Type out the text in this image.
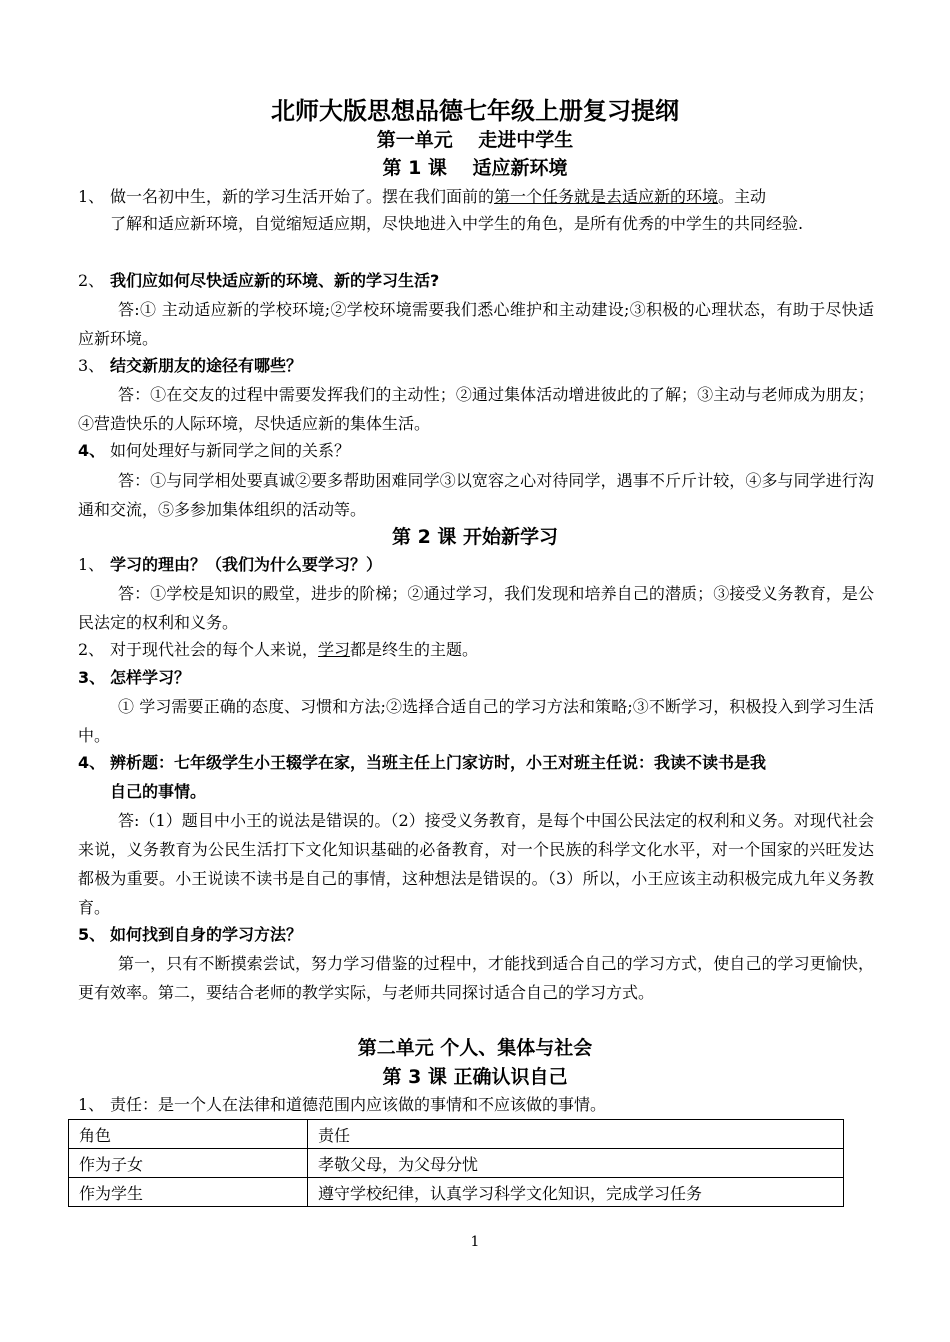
北师大版思想品德七年级上册复习提纲
第一单元　 走进中学生
第 1 课　 适应新环境
1、 做一名初中生，新的学习生活开始了。摆在我们面前的第一个任务就是去适应新的环境。主动
了解和适应新环境，自觉缩短适应期，尽快地进入中学生的角色，是所有优秀的中学生的共同经验.
2、 我们应如何尽快适应新的环境、新的学习生活?
答:① 主动适应新的学校环境;②学校环境需要我们悉心维护和主动建设;③积极的心理状态，有助于尽快适应新环境。
3、 结交新朋友的途径有哪些？
答：①在交友的过程中需要发挥我们的主动性；②通过集体活动增进彼此的了解；③主动与老师成为朋友；④营造快乐的人际环境，尽快适应新的集体生活。
4、 如何处理好与新同学之间的关系？
答：①与同学相处要真诚②要多帮助困难同学③以宽容之心对待同学，遇事不斤斤计较，④多与同学进行沟通和交流，⑤多参加集体组织的活动等。
第 2 课 开始新学习
1、 学习的理由？（我们为什么要学习？）
答：①学校是知识的殿堂，进步的阶梯；②通过学习，我们发现和培养自己的潜质；③接受义务教育，是公民法定的权利和义务。
2、 对于现代社会的每个人来说，学习都是终生的主题。
3、 怎样学习？
① 学习需要正确的态度、习惯和方法;②选择合适自己的学习方法和策略;③不断学习，积极投入到学习生活中。
4、 辨析题：七年级学生小王辍学在家，当班主任上门家访时，小王对班主任说：我读不读书是我
自己的事情。
答:（1）题目中小王的说法是错误的。（2）接受义务教育，是每个中国公民法定的权利和义务。对现代社会来说，义务教育为公民生活打下文化知识基础的必备教育，对一个民族的科学文化水平，对一个国家的兴旺发达都极为重要。小王说读不读书是自己的事情，这种想法是错误的。（3）所以，小王应该主动积极完成九年义务教育。
5、 如何找到自身的学习方法？
第一，只有不断摸索尝试，努力学习借鉴的过程中，才能找到适合自己的学习方式，使自己的学习更愉快，更有效率。第二，要结合老师的教学实际，与老师共同探讨适合自己的学习方式。
第二单元 个人、集体与社会
第 3 课 正确认识自己
1、 责任：是一个人在法律和道德范围内应该做的事情和不应该做的事情。
角色	责任
作为子女	孝敬父母，为父母分忧
作为学生	遵守学校纪律，认真学习科学文化知识，完成学习任务
1
